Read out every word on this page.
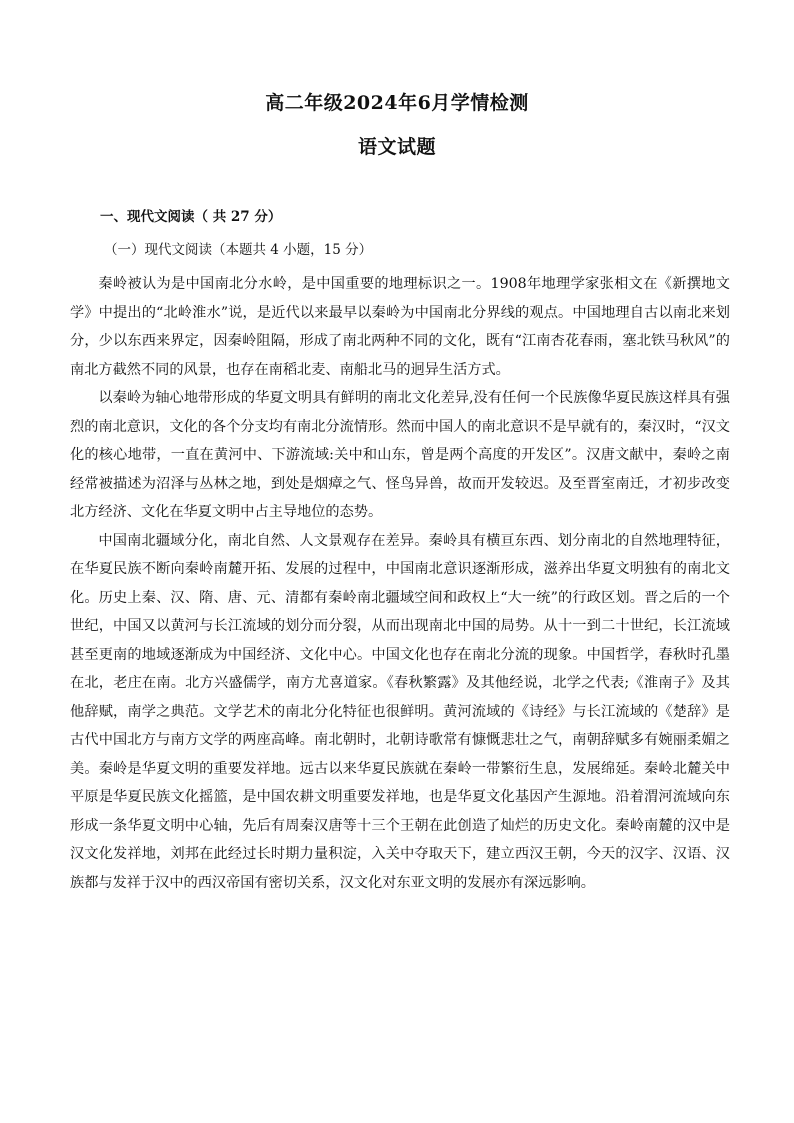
高二年级2024年6月学情检测
语文试题
一、现代文阅读（ 共 27 分）
（一）现代文阅读（本题共 4 小题，15 分）

秦岭被认为是中国南北分水岭，是中国重要的地理标识之一。1908年地理学家张相文在《新撰地文学》中提出的“北岭淮水”说，是近代以来最早以秦岭为中国南北分界线的观点。中国地理自古以南北来划分，少以东西来界定，因秦岭阻隔，形成了南北两种不同的文化，既有“江南杏花春雨，塞北铁马秋风”的南北方截然不同的风景，也存在南稻北麦、南船北马的迥异生活方式。

以秦岭为轴心地带形成的华夏文明具有鲜明的南北文化差异,没有任何一个民族像华夏民族这样具有强烈的南北意识，文化的各个分支均有南北分流情形。然而中国人的南北意识不是早就有的，秦汉时，“汉文化的核心地带，一直在黄河中、下游流域:关中和山东，曾是两个高度的开发区”。汉唐文献中，秦岭之南经常被描述为沼泽与丛林之地，到处是烟瘴之气、怪鸟异兽，故而开发较迟。及至晋室南迁，才初步改变北方经济、文化在华夏文明中占主导地位的态势。

中国南北疆域分化，南北自然、人文景观存在差异。秦岭具有横亘东西、划分南北的自然地理特征，在华夏民族不断向秦岭南麓开拓、发展的过程中，中国南北意识逐渐形成，滋养出华夏文明独有的南北文化。历史上秦、汉、隋、唐、元、清都有秦岭南北疆域空间和政权上“大一统”的行政区划。晋之后的一个世纪，中国又以黄河与长江流域的划分而分裂，从而出现南北中国的局势。从十一到二十世纪，长江流域甚至更南的地域逐渐成为中国经济、文化中心。中国文化也存在南北分流的现象。中国哲学，春秋时孔墨在北，老庄在南。北方兴盛儒学，南方尤喜道家。《春秋繁露》及其他经说，北学之代表;《淮南子》及其他辞赋，南学之典范。文学艺术的南北分化特征也很鲜明。黄河流域的《诗经》与长江流域的《楚辞》是古代中国北方与南方文学的两座高峰。南北朝时，北朝诗歌常有慷慨悲壮之气，南朝辞赋多有婉丽柔媚之美。秦岭是华夏文明的重要发祥地。远古以来华夏民族就在秦岭一带繁衍生息，发展绵延。秦岭北麓关中平原是华夏民族文化摇篮，是中国农耕文明重要发祥地，也是华夏文化基因产生源地。沿着渭河流域向东形成一条华夏文明中心轴，先后有周秦汉唐等十三个王朝在此创造了灿烂的历史文化。秦岭南麓的汉中是汉文化发祥地，刘邦在此经过长时期力量积淀，入关中夺取天下，建立西汉王朝，今天的汉字、汉语、汉族都与发祥于汉中的西汉帝国有密切关系，汉文化对东亚文明的发展亦有深远影响。
